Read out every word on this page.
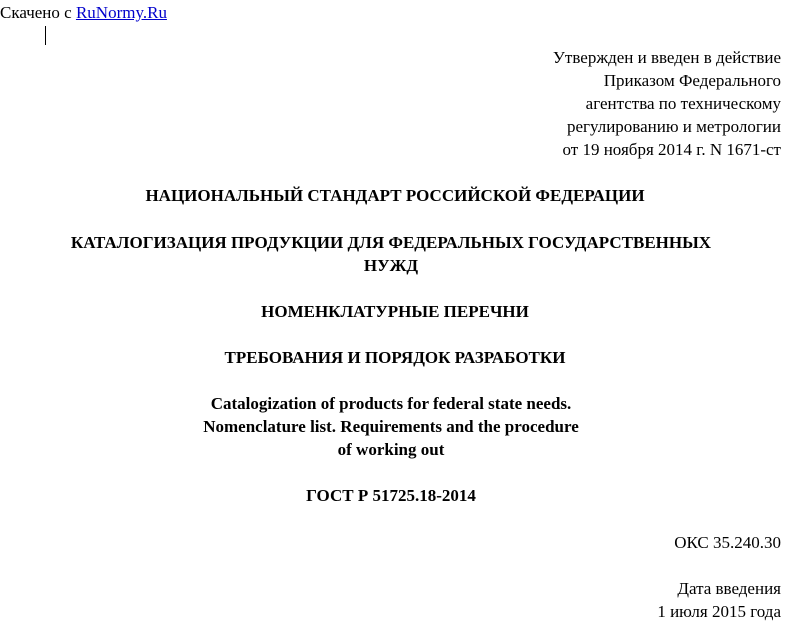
Скачено с RuNormy.Ru
Утвержден и введен в действие
Приказом Федерального
агентства по техническому
регулированию и метрологии
от 19 ноября 2014 г. N 1671-ст
НАЦИОНАЛЬНЫЙ СТАНДАРТ РОССИЙСКОЙ ФЕДЕРАЦИИ
КАТАЛОГИЗАЦИЯ ПРОДУКЦИИ ДЛЯ ФЕДЕРАЛЬНЫХ ГОСУДАРСТВЕННЫХ
НУЖД
НОМЕНКЛАТУРНЫЕ ПЕРЕЧНИ
ТРЕБОВАНИЯ И ПОРЯДОК РАЗРАБОТКИ
Catalogization of products for federal state needs.
Nomenclature list. Requirements and the procedure
of working out
ГОСТ Р 51725.18-2014
ОКС 35.240.30
Дата введения
1 июля 2015 года
